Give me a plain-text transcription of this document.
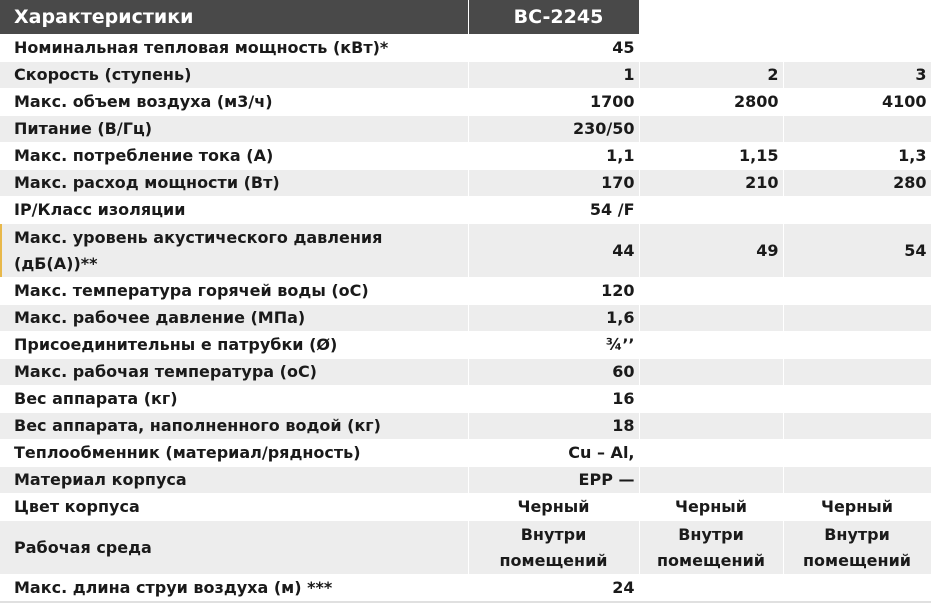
Характеристики	BC-2245		
Номинальная тепловая мощность (кВт)*	45		
Скорость (ступень)	1	2	3
Макс. объем воздуха (м3/ч)	1700	2800	4100
Питание (В/Гц)	230/50		
Макс. потребление тока (А)	1,1	1,15	1,3
Макс. расход мощности (Вт)	170	210	280
IP/Класс изоляции	54 /F		
Макс. уровень акустического давления (дБ(А))**	44	49	54
Макс. температура горячей воды (оС)	120		
Макс. рабочее давление (МПа)	1,6		
Присоединительны е патрубки (Ø)	¾’’		
Макс. рабочая температура (оС)	60		
Вес аппарата (кг)	16		
Вес аппарата, наполненного водой (кг)	18		
Теплообменник (материал/рядность)	Cu – Al,		
Материал корпуса	EPP —		
Цвет корпуса	Черный	Черный	Черный
Рабочая среда	Внутри помещений	Внутри помещений	Внутри помещений
Макс. длина струи воздуха (м) ***	24		
